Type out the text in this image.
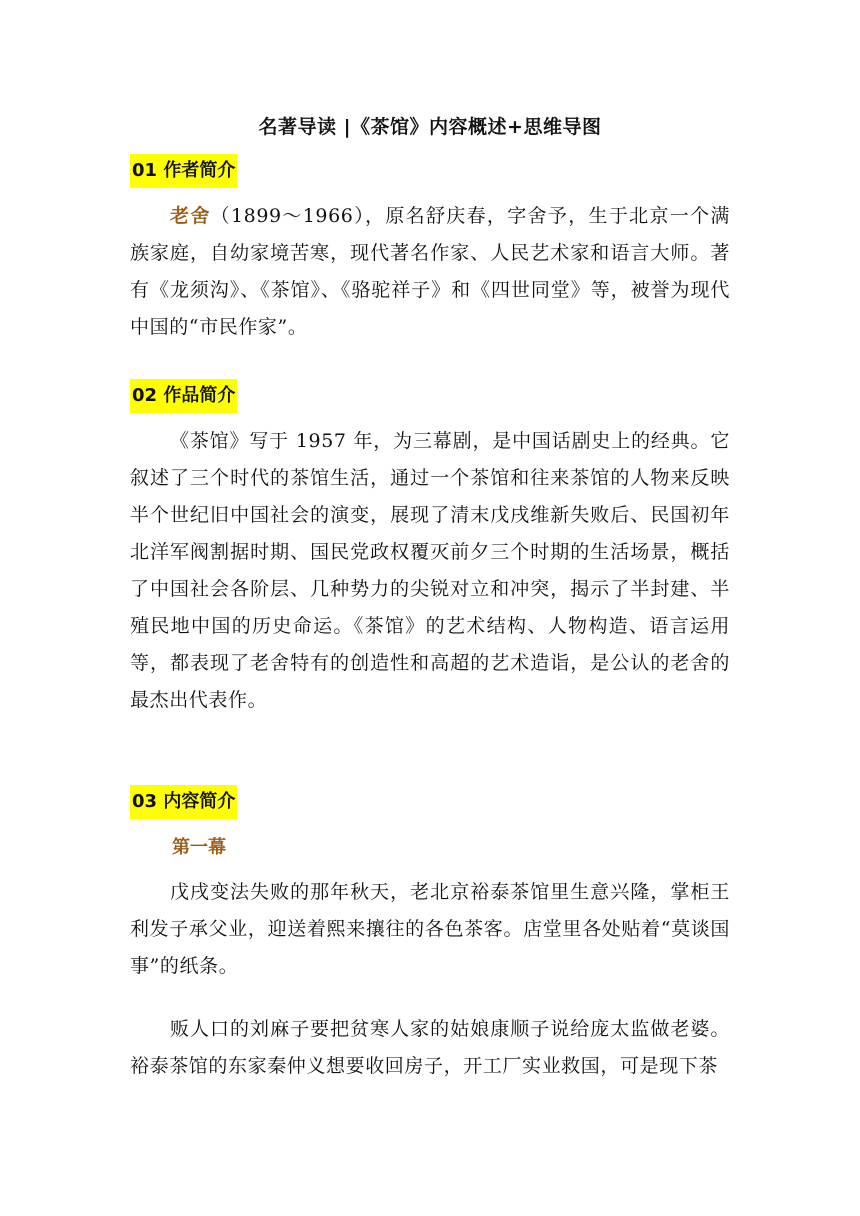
名著导读 |《茶馆》内容概述+思维导图
01 作者简介
老舍（1899～1966），原名舒庆春，字舍予，生于北京一个满族家庭，自幼家境苦寒，现代著名作家、人民艺术家和语言大师。著有《龙须沟》、《茶馆》、《骆驼祥子》和《四世同堂》等，被誉为现代中国的“市民作家”。
02 作品简介
《茶馆》写于 1957 年，为三幕剧，是中国话剧史上的经典。它叙述了三个时代的茶馆生活，通过一个茶馆和往来茶馆的人物来反映半个世纪旧中国社会的演变，展现了清末戊戌维新失败后、民国初年北洋军阀割据时期、国民党政权覆灭前夕三个时期的生活场景，概括了中国社会各阶层、几种势力的尖锐对立和冲突，揭示了半封建、半殖民地中国的历史命运。《茶馆》的艺术结构、人物构造、语言运用等，都表现了老舍特有的创造性和高超的艺术造诣，是公认的老舍的最杰出代表作。
03 内容简介
第一幕
戊戌变法失败的那年秋天，老北京裕泰茶馆里生意兴隆，掌柜王利发子承父业，迎送着熙来攘往的各色茶客。店堂里各处贴着“莫谈国事”的纸条。
贩人口的刘麻子要把贫寒人家的姑娘康顺子说给庞太监做老婆。裕泰茶馆的东家秦仲义想要收回房子，开工厂实业救国，可是现下茶
